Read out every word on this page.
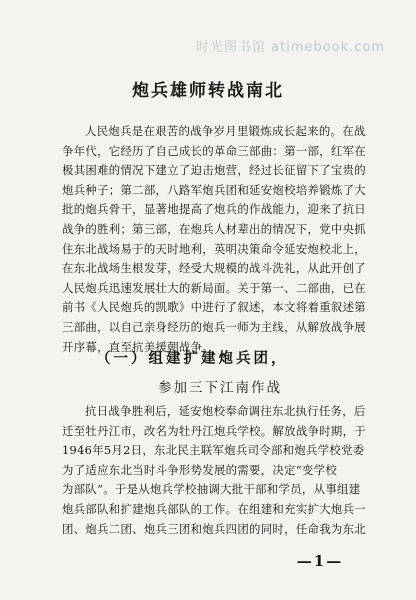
时光图书馆 atimebook.com
炮兵雄师转战南北
人民炮兵是在艰苦的战争岁月里锻炼成长起来的。在战
争年代，它经历了自己成长的革命三部曲：第一部，红军在
极其困难的情况下建立了迫击炮营，经过长征留下了宝贵的
炮兵种子；第二部，八路军炮兵团和延安炮校培养锻炼了大
批的炮兵骨干，显著地提高了炮兵的作战能力，迎来了抗日
战争的胜利；第三部，在炮兵人材辈出的情况下，党中央抓
住东北战场易于的天时地利，英明决策命令延安炮校北上，
在东北战场生根发芽，经受大规模的战斗洗礼，从此开创了
人民炮兵迅速发展壮大的新局面。关于第一、二部曲，已在
前书《人民炮兵的凯歌》中进行了叙述，本文将着重叙述第
三部曲，以自己亲身经历的炮兵一师为主线，从解放战争展
开序幕，直至抗美援朝战争。
（一）组建扩建炮兵团，
参加三下江南作战
抗日战争胜利后，延安炮校奉命调往东北执行任务，后
迁至牡丹江市，改名为牡丹江炮兵学校。解放战争时期，于
1946年5月2日，东北民主联军炮兵司令部和炮兵学校党委
为了适应东北当时斗争形势发展的需要，决定“变学校
为部队”。于是从炮兵学校抽调大批干部和学员，从事组建
炮兵部队和扩建炮兵部队的工作。在组建和充实扩大炮兵一
团、炮兵二团、炮兵三团和炮兵四团的同时，任命我为东北
—1—
